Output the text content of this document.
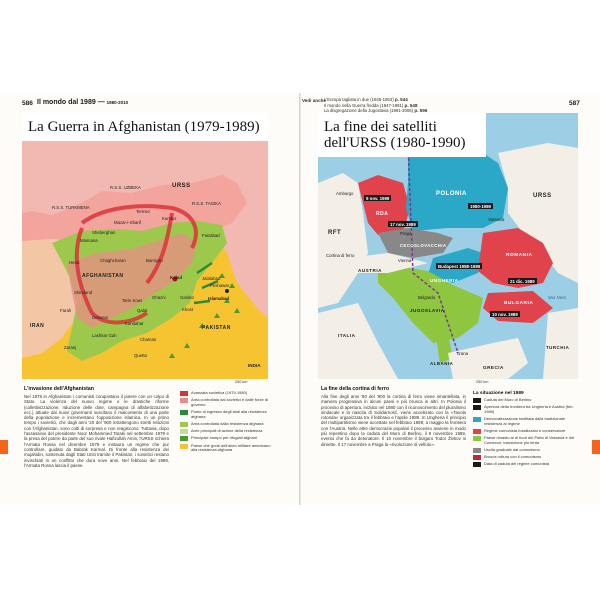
586 Il mondo dal 1989 — 1980-2010
URSS
AFGHANISTAN
PAKISTAN
IRAN
INDIA
R.S.S. TURKMENA
R.S.S. UZBEKA
R.S.S. TAGIKA
Kabul
Islamabad
Herat
Kandahar
Mazar-i-Sharif
Kunduz
Shindand
Farah
Zaranj
Jalalabad
Gardez
Ghazni
Bamiyan
Chaghcharan
Delaram
Lashkar Gah
Quetta
Chaman
Peshawar
Termez
Sheberghan
Maimana
Khost
Qalat
Tarin Kowt
Faizabad
La Guerra in Afghanistan (1979-1989)
L'invasione dell'Afghanistan
Nel 1978 in Afghanistan i comunisti conquistano il potere con un colpo di Stato. La violenza del nuovo regime e le drastiche riforme (collettivizzazione, riduzione delle dote, campagna di alfabetizzazione ecc.) attuate dai nuovi governanti suscitano il malcontento di una parte della popolazione e incrementano l'opposizione islamica. In un primo tempo i sovietici, che dagli anni '20 del '900 intrattengono stretti relazioni con l'Afghanistan, sono colti di sorpresa e non reagiscono. Tuttavia, dopo l'assassinio del presidente Noor Mohammed Taraki nel settembre 1979 e la presa del potere da parte del suo rivale Hafizullah Amin, l'URSS schiera l'Armata Rossa nel dicembre 1979 e instaura un regime che pur controllare, guidato da Babrak Karmal. Di fronte alla resistenza dei mujahidin, sostenuta dagli Stati Uniti tramite il Pakistan, i sovietici restano invischiati in un conflitto che dura nove anni. Nel febbraio del 1989, l'Armata Rossa lascia il paese.
250 km
Avanzata sovietica (1979-1980)
Area controllata dai sovietici e dalle forze di governo
Punto di ingresso degli aiuti alla resistenza afghana
Area controllata dalla resistenza afghana
Aree principali di azione della resistenza
Principale campo per rifugiati afghani
Paese che gode dell'aiuto militare americano alla resistenza afghana
Vedi anche
L'Europa tagliata in due (1945-1953) p. 544
Il mondo nella Guerra fredda (1947-1991) p. 548
La disgregazione della Jugoslavia (1991-2006) p. 596
587
URSS
POLONIA
RFT
RDA
CECOSLOVACCHIA
AUSTRIA
UNGHERIA
ROMANIA
BULGARIA
JUGOSLAVIA
ALBANIA
GRECIA
ITALIA
TURCHIA
Amburgo
Varsavia
Praga
Vienna
Belgrado
Tirana
Cortina di ferro
Mar Nero
9 nov. 1989
17 nov. 1989
1980-1989
Budapest 1988-1989
21 dic. 1989
10 nov. 1989
La fine dei satelliti
dell'URSS (1980-1990)
La fine della cortina di ferro
Alla fine degli anni '80 del '900 la cortina di ferro viene smantellata, in maniera progressiva in alcuni paesi e più brusca in altri. In Polonia il processo di apertura, iniziato nel 1980 con il riconoscimento del pluralismo sindacale e la nascita di Solidarność, viene accelerato con la «Tavola rotonda» organizzata tra il febbraio e l'aprile 1989. In Ungheria il principio del multipartitismo viene accettato nel febbraio 1989; a maggio la frontiera con l'Austria. Nelle altre democrazie popolari il processo avviene in modo più repentino dopo la caduta del Muro di Berlino, il 9 novembre 1989, evento che fa da detonatore. Il 10 novembre il bulgaro Todor Živkov si dimette. Il 17 novembre a Praga la «rivoluzione di velluto».
250 km
La situazione nel 1989
Caduta del Muro di Berlino
Apertura della frontiera tra Ungheria e Austria (feb. 1989)
Democratizzazione facilitata dalla tradizionale resistenza al regime
Regime comunista fossilizzato e conservatore
Paese rimasto al di fuori del Patto di Varsavia e del Comecon; transizione più lenta
Uscita graduale dal comunismo
Brusca rottura con il comunismo
Data di caduta del regime comunista
